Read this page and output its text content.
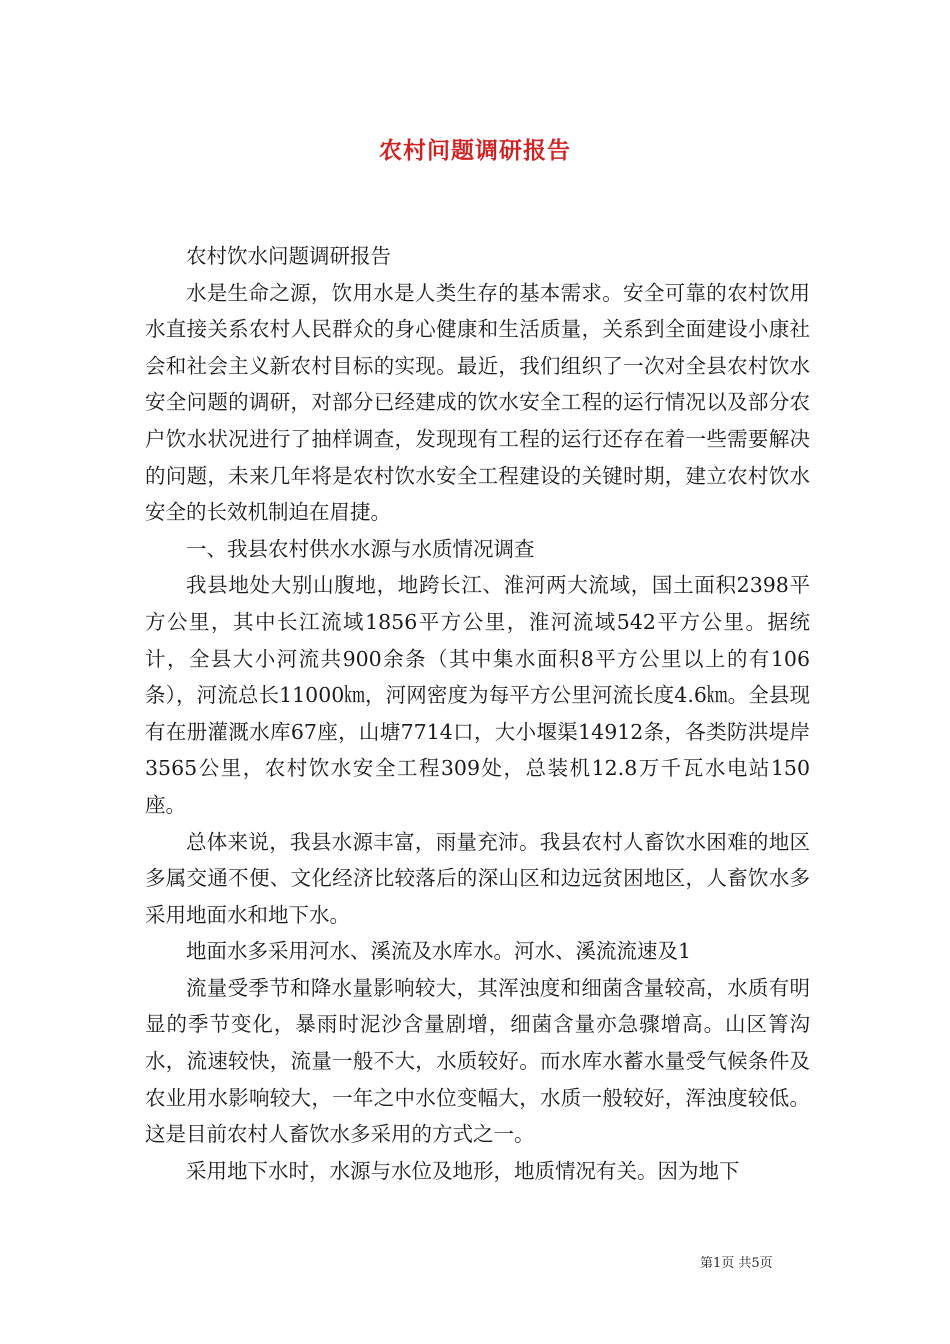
农村问题调研报告

农村饮水问题调研报告

水是生命之源，饮用水是人类生存的基本需求。安全可靠的农村饮用水直接关系农村人民群众的身心健康和生活质量，关系到全面建设小康社会和社会主义新农村目标的实现。最近，我们组织了一次对全县农村饮水安全问题的调研，对部分已经建成的饮水安全工程的运行情况以及部分农户饮水状况进行了抽样调查，发现现有工程的运行还存在着一些需要解决的问题，未来几年将是农村饮水安全工程建设的关键时期，建立农村饮水安全的长效机制迫在眉捷。

一、我县农村供水水源与水质情况调查

我县地处大别山腹地，地跨长江、淮河两大流域，国土面积2398平方公里，其中长江流域1856平方公里，淮河流域542平方公里。据统计，全县大小河流共900余条（其中集水面积8平方公里以上的有106条），河流总长11000㎞，河网密度为每平方公里河流长度4.6㎞。全县现有在册灌溉水库67座，山塘7714口，大小堰渠14912条，各类防洪堤岸3565公里，农村饮水安全工程309处，总装机12.8万千瓦水电站150座。

总体来说，我县水源丰富，雨量充沛。我县农村人畜饮水困难的地区多属交通不便、文化经济比较落后的深山区和边远贫困地区，人畜饮水多采用地面水和地下水。

地面水多采用河水、溪流及水库水。河水、溪流流速及1

流量受季节和降水量影响较大，其浑浊度和细菌含量较高，水质有明显的季节变化，暴雨时泥沙含量剧增，细菌含量亦急骤增高。山区箐沟水，流速较快，流量一般不大，水质较好。而水库水蓄水量受气候条件及农业用水影响较大，一年之中水位变幅大，水质一般较好，浑浊度较低。这是目前农村人畜饮水多采用的方式之一。

采用地下水时，水源与水位及地形，地质情况有关。因为地下

第1页 共5页
